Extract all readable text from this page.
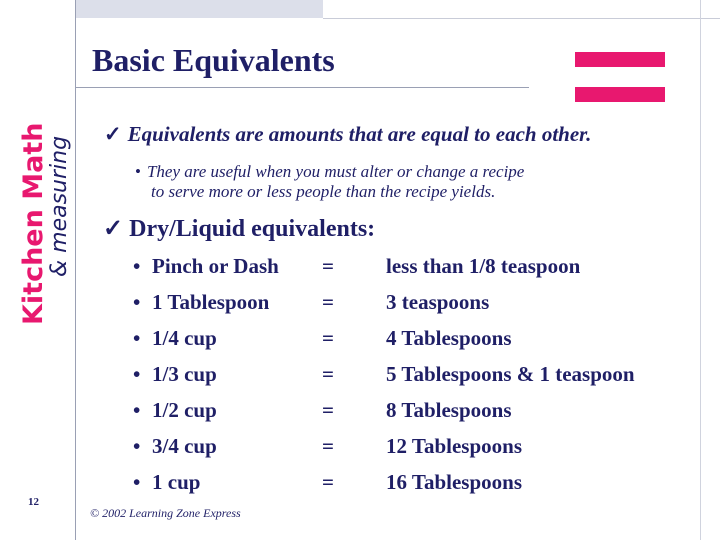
Kitchen Math
& measuring
Basic Equivalents
✓ Equivalents are amounts that are equal to each other.
• They are useful when you must alter or change a recipe
to serve more or less people than the recipe yields.
✓ Dry/Liquid equivalents:
• Pinch or Dash = less than 1/8 teaspoon
• 1 Tablespoon	= 3 teaspoons
• 1/4 cup	= 4 Tablespoons
• 1/3 cup	= 5 Tablespoons & 1 teaspoon
• 1/2 cup	= 8 Tablespoons
• 3/4 cup	= 12 Tablespoons
• 1 cup	= 16 Tablespoons
12
© 2002 Learning Zone Express
